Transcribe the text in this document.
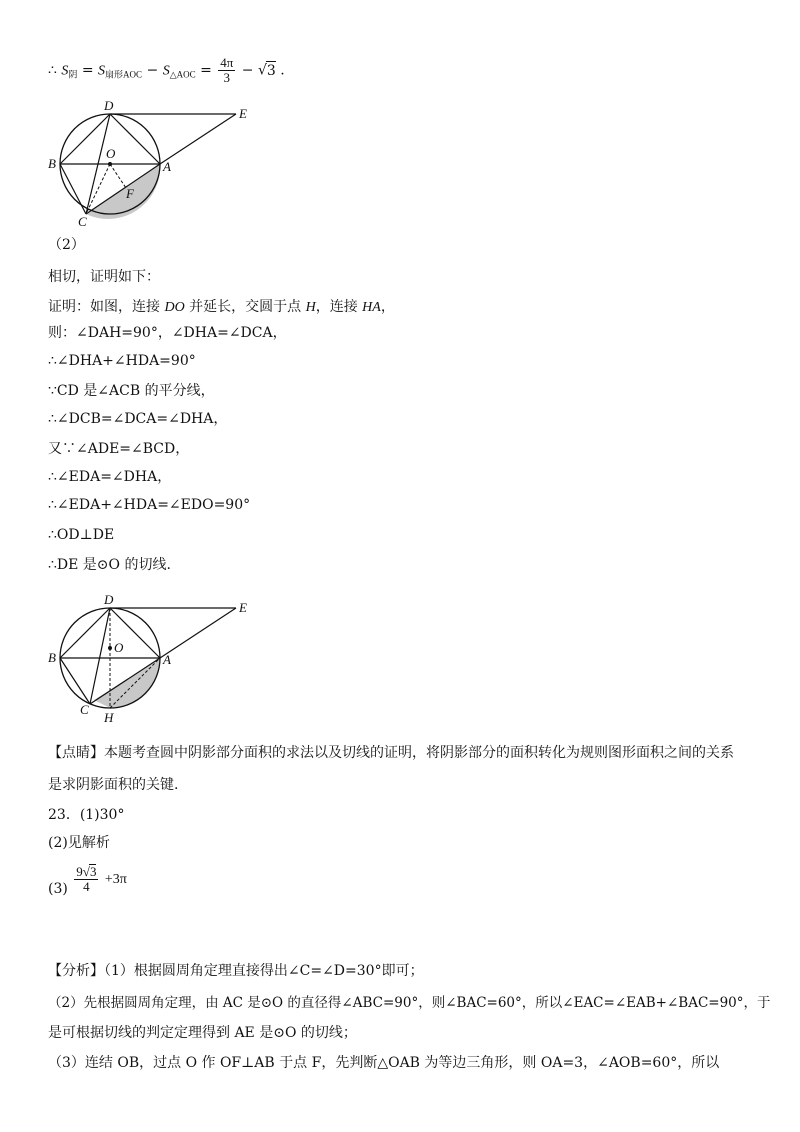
∴ $S_阴 = S_{扇形AOC} - S_{\triangle AOC} = \frac{4\pi}{3} - √3$ .
D
E
B
O
A
C
F
（2）
相切，证明如下：
证明：如图，连接 DO 并延长，交圆于点 H，连接 HA，
则：∠DAH=90°，∠DHA=∠DCA，
∴∠DHA+∠HDA=90°
∵CD 是∠ACB 的平分线，
∴∠DCB=∠DCA=∠DHA，
又∵∠ADE=∠BCD，
∴∠EDA=∠DHA，
∴∠EDA+∠HDA=∠EDO=90°
∴OD⊥DE
∴DE 是⊙O 的切线.
D
E
B
O
A
C
H
【点睛】本题考查圆中阴影部分面积的求法以及切线的证明，将阴影部分的面积转化为规则图形面积之间的关系
是求阴影面积的关键.
23．(1)30°
(2)见解析
$(3) \frac{9√3}{4} +3\pi$
【分析】（1）根据圆周角定理直接得出∠C=∠D=30°即可；
（2）先根据圆周角定理，由 AC 是⊙O 的直径得∠ABC=90°，则∠BAC=60°，所以∠EAC=∠EAB+∠BAC=90°，于
是可根据切线的判定定理得到 AE 是⊙O 的切线；
（3）连结 OB，过点 O 作 OF⊥AB 于点 F，先判断△OAB 为等边三角形，则 OA=3，∠AOB=60°，所以
